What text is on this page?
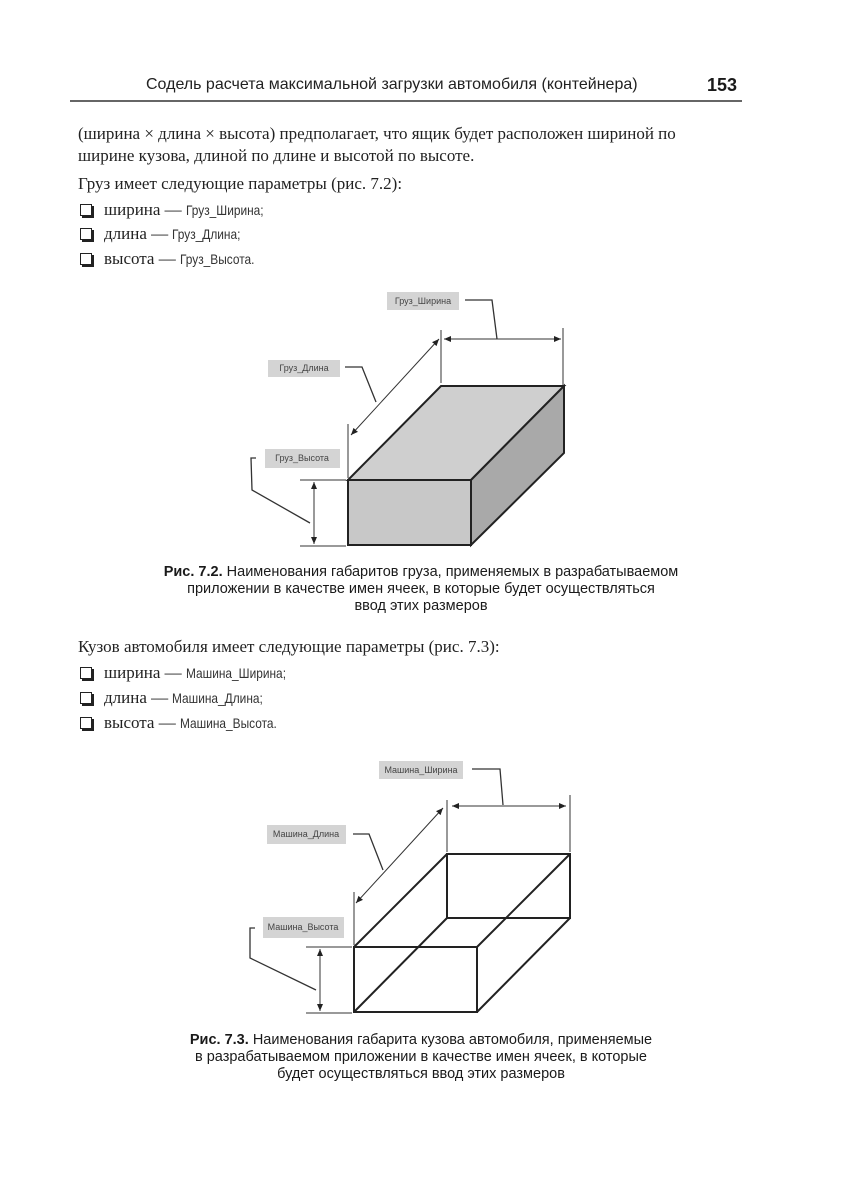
Содель расчета максимальной загрузки автомобиля (контейнера)	153
(ширина × длина × высота) предполагает, что ящик будет расположен шириной по
ширине кузова, длиной по длине и высотой по высоте.
Груз имеет следующие параметры (рис. 7.2):
ширина — Груз_Ширина;
длина — Груз_Длина;
высота — Груз_Высота.
Груз_Ширина
Груз_Длина
Груз_Высота
Машина_Ширина
Машина_Длина
Машина_Высота
Рис. 7.2. Наименования габаритов груза, применяемых в разрабатываемом
приложении в качестве имен ячеек, в которые будет осуществляться
ввод этих размеров
Кузов автомобиля имеет следующие параметры (рис. 7.3):
ширина — Машина_Ширина;
длина — Машина_Длина;
высота — Машина_Высота.
Рис. 7.3. Наименования габарита кузова автомобиля, применяемые
в разрабатываемом приложении в качестве имен ячеек, в которые
будет осуществляться ввод этих размеров
